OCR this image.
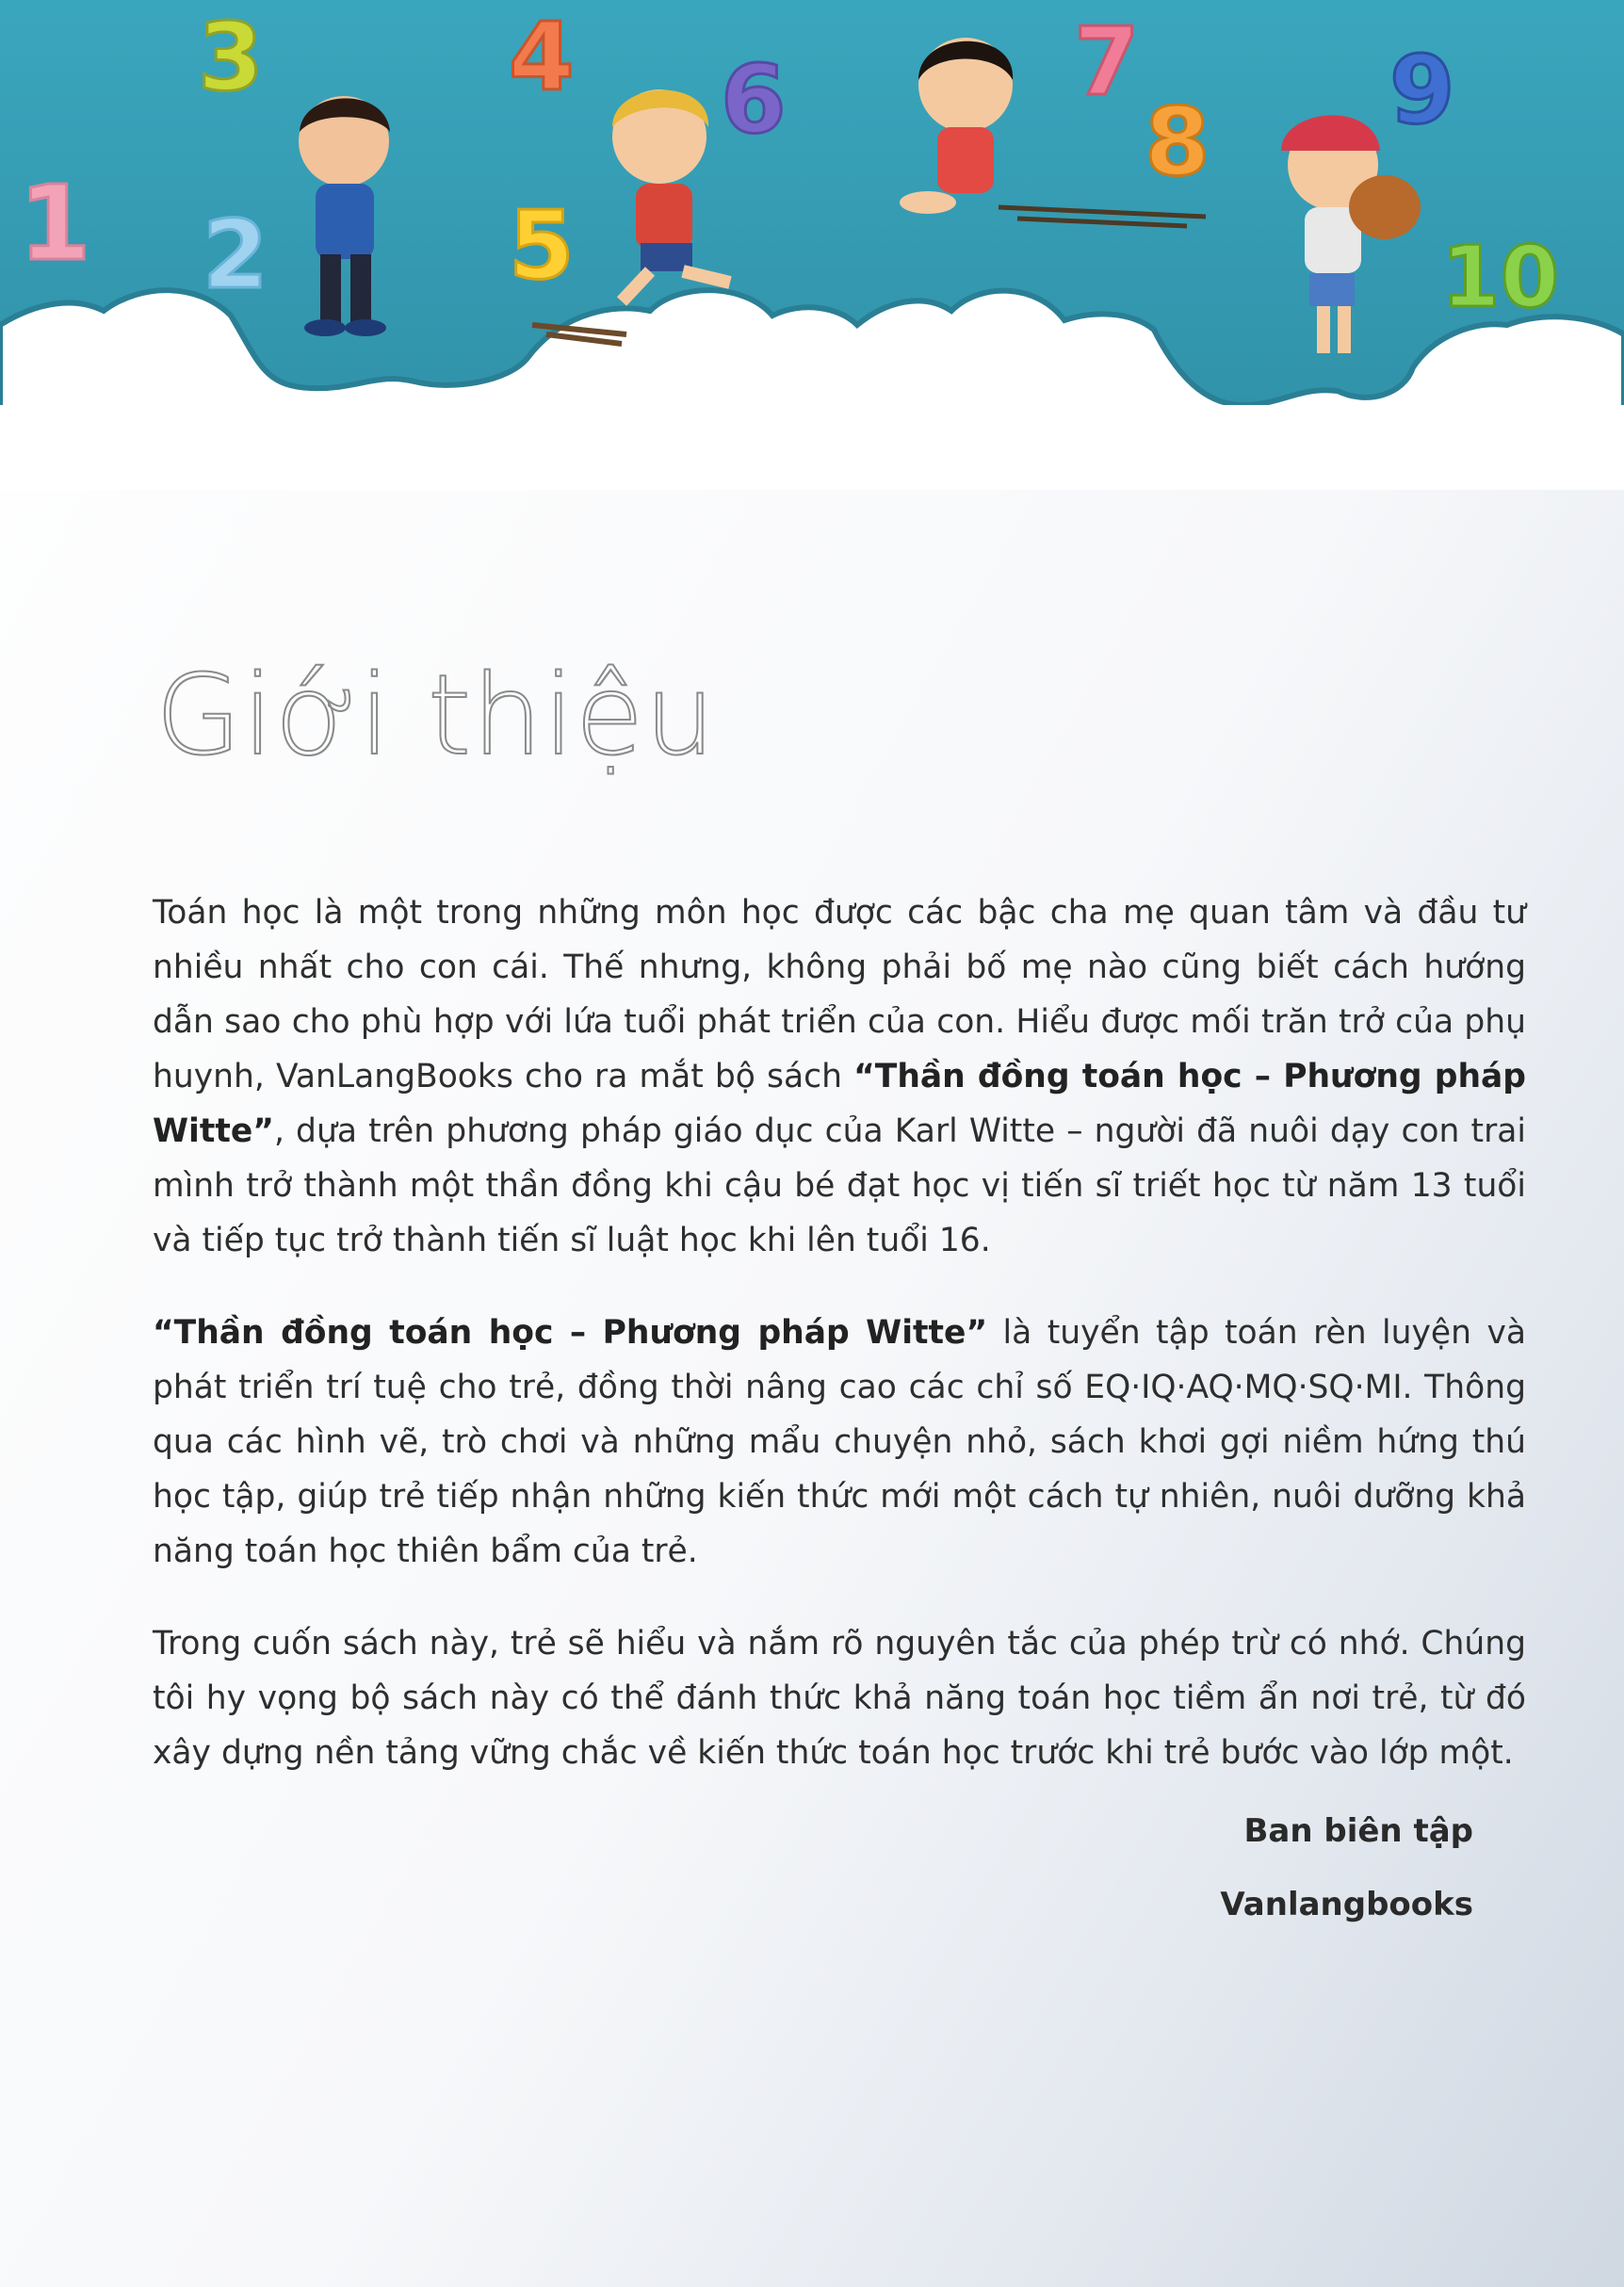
1 2
3	4
5
6	7
8 9
10
Giới thiệu

Toán học là một trong những môn học được các bậc cha mẹ quan tâm và đầu tư nhiều nhất cho con cái. Thế nhưng, không phải bố mẹ nào cũng biết cách hướng dẫn sao cho phù hợp với lứa tuổi phát triển của con. Hiểu được mối trăn trở của phụ huynh, VanLangBooks cho ra mắt bộ sách “Thần đồng toán học – Phương pháp Witte”, dựa trên phương pháp giáo dục của Karl Witte – người đã nuôi dạy con trai mình trở thành một thần đồng khi cậu bé đạt học vị tiến sĩ triết học từ năm 13 tuổi và tiếp tục trở thành tiến sĩ luật học khi lên tuổi 16.

“Thần đồng toán học – Phương pháp Witte” là tuyển tập toán rèn luyện và phát triển trí tuệ cho trẻ, đồng thời nâng cao các chỉ số EQ·IQ·AQ·MQ·SQ·MI. Thông qua các hình vẽ, trò chơi và những mẩu chuyện nhỏ, sách khơi gợi niềm hứng thú học tập, giúp trẻ tiếp nhận những kiến thức mới một cách tự nhiên, nuôi dưỡng khả năng toán học thiên bẩm của trẻ.

Trong cuốn sách này, trẻ sẽ hiểu và nắm rõ nguyên tắc của phép trừ có nhớ. Chúng tôi hy vọng bộ sách này có thể đánh thức khả năng toán học tiềm ẩn nơi trẻ, từ đó xây dựng nền tảng vững chắc về kiến thức toán học trước khi trẻ bước vào lớp một.

Ban biên tập
Vanlangbooks
